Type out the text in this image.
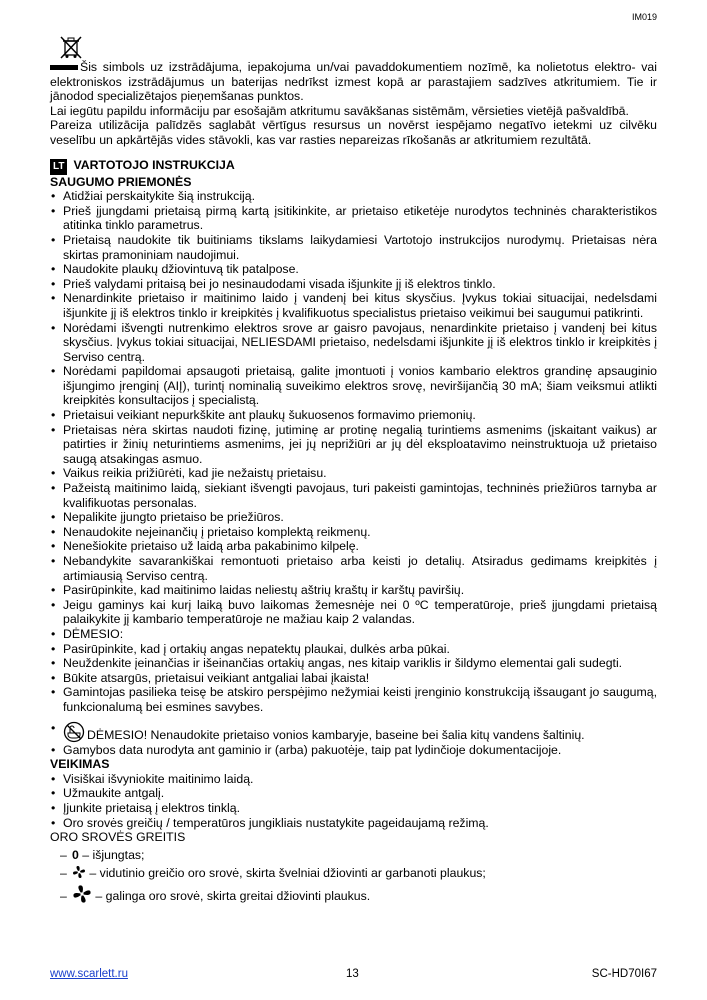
IM019

Šis simbols uz izstrādājuma, iepakojuma un/vai pavaddokumentiem nozīmē, ka nolietotus elektro- vai elektroniskos izstrādājumus un baterijas nedrīkst izmest kopā ar parastajiem sadzīves atkritumiem. Tie ir jānodod specializētajos pieņemšanas punktos.
Lai iegūtu papildu informāciju par esošajām atkritumu savākšanas sistēmām, vērsieties vietējā pašvaldībā.
Pareiza utilizācija palīdzēs saglabāt vērtīgus resursus un novērst iespējamo negatīvo ietekmi uz cilvēku veselību un apkārtējās vides stāvokli, kas var rasties nepareizas rīkošanās ar atkritumiem rezultātā.
LT VARTOTOJO INSTRUKCIJA
SAUGUMO PRIEMONĖS
• Atidžiai perskaitykite šią instrukciją.
• Prieš įjungdami prietaisą pirmą kartą įsitikinkite, ar prietaiso etiketėje nurodytos techninės charakteristikos atitinka tinklo parametrus.
• Prietaisą naudokite tik buitiniams tikslams laikydamiesi Vartotojo instrukcijos nurodymų. Prietaisas nėra skirtas pramoniniam naudojimui.
• Naudokite plaukų džiovintuvą tik patalpose.
• Prieš valydami pritaisą bei jo nesinaudodami visada išjunkite jį iš elektros tinklo.
• Nenardinkite prietaiso ir maitinimo laido į vandenį bei kitus skysčius. Įvykus tokiai situacijai, nedelsdami išjunkite jį iš elektros tinklo ir kreipkitės į kvalifikuotus specialistus prietaiso veikimui bei saugumui patikrinti.
• Norėdami išvengti nutrenkimo elektros srove ar gaisro pavojaus, nenardinkite prietaiso į vandenį bei kitus skysčius. Įvykus tokiai situacijai, NELIESDAMI prietaiso, nedelsdami išjunkite jį iš elektros tinklo ir kreipkitės į Serviso centrą.
• Norėdami papildomai apsaugoti prietaisą, galite įmontuoti į vonios kambario elektros grandinę apsauginio išjungimo įrenginį (AIĮ), turintį nominalią suveikimo elektros srovę, neviršijančią 30 mA; šiam veiksmui atlikti kreipkitės konsultacijos į specialistą.
• Prietaisui veikiant nepurkškite ant plaukų šukuosenos formavimo priemonių.
• Prietaisas nėra skirtas naudoti fizinę, jutiminę ar protinę negalią turintiems asmenims (įskaitant vaikus) ar patirties ir žinių neturintiems asmenims, jei jų neprižiūri ar jų dėl eksploatavimo neinstruktuoja už prietaiso saugą atsakingas asmuo.
• Vaikus reikia prižiūrėti, kad jie nežaistų prietaisu.
• Pažeistą maitinimo laidą, siekiant išvengti pavojaus, turi pakeisti gamintojas, techninės priežiūros tarnyba ar kvalifikuotas personalas.
• Nepalikite įjungto prietaiso be priežiūros.
• Nenaudokite nejeinančių į prietaiso komplektą reikmenų.
• Nenešiokite prietaiso už laidą arba pakabinimo kilpelę.
• Nebandykite savarankiškai remontuoti prietaiso arba keisti jo detalių. Atsiradus gedimams kreipkitės į artimiausią Serviso centrą.
• Pasirūpinkite, kad maitinimo laidas neliestų aštrių kraštų ir karštų paviršių.
• Jeigu gaminys kai kurį laiką buvo laikomas žemesnėje nei 0 ºC temperatūroje, prieš įjungdami prietaisą palaikykite jį kambario temperatūroje ne mažiau kaip 2 valandas.
• DĖMESIO:
• Pasirūpinkite, kad į ortakių angas nepatektų plaukai, dulkės arba pūkai.
• Neuždenkite įeinančias ir išeinančias ortakių angas, nes kitaip variklis ir šildymo elementai gali sudegti.
• Būkite atsargūs, prietaisui veikiant antgaliai labai įkaista!
• Gamintojas pasilieka teisę be atskiro perspėjimo nežymiai keisti įrenginio konstrukciją išsaugant jo saugumą, funkcionalumą bei esmines savybes.
• DĖMESIO! Nenaudokite prietaiso vonios kambaryje, baseine bei šalia kitų vandens šaltinių.
• Gamybos data nurodyta ant gaminio ir (arba) pakuotėje, taip pat lydinčioje dokumentacijoje.
VEIKIMAS
• Visiškai išvyniokite maitinimo laidą.
• Užmaukite antgalį.
• Įjunkite prietaisą į elektros tinklą.
• Oro srovės greičių / temperatūros jungikliais nustatykite pageidaujamą režimą.
ORO SROVĖS GREITIS
– 0 – išjungtas;
– – vidutinio greičio oro srovė, skirta švelniai džiovinti ar garbanoti plaukus;
– – galinga oro srovė, skirta greitai džiovinti plaukus.
www.scarlett.ru	13	SC-HD70I67
